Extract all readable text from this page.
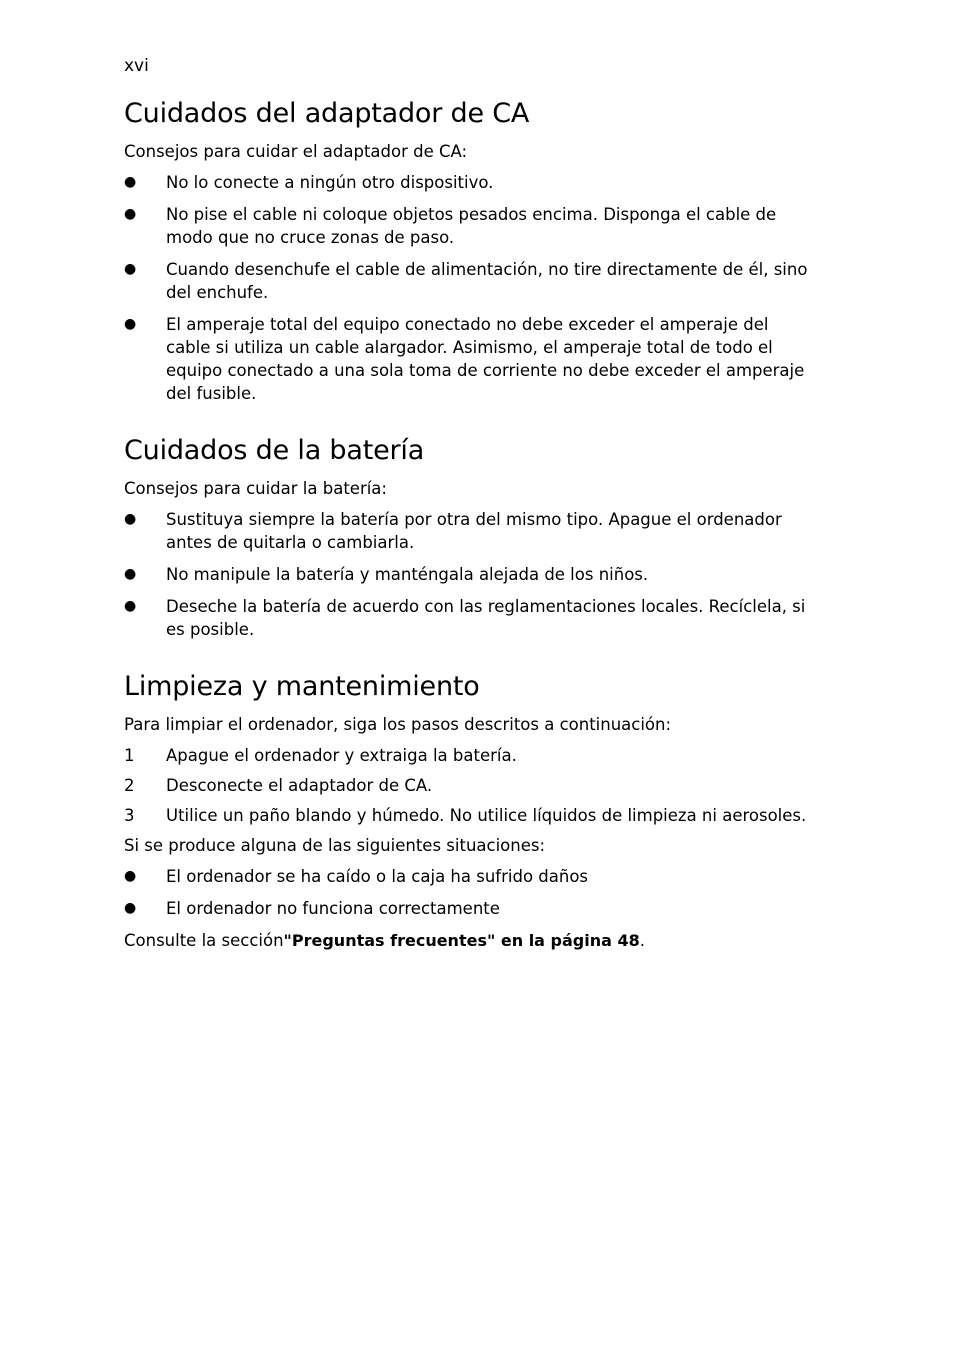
xvi
Cuidados del adaptador de CA

Consejos para cuidar el adaptador de CA:

●	No lo conecte a ningún otro dispositivo.
●	No pise el cable ni coloque objetos pesados encima. Disponga el cable de modo que no cruce zonas de paso.
●	Cuando desenchufe el cable de alimentación, no tire directamente de él, sino del enchufe.
●	El amperaje total del equipo conectado no debe exceder el amperaje del cable si utiliza un cable alargador. Asimismo, el amperaje total de todo el equipo conectado a una sola toma de corriente no debe exceder el amperaje del fusible.
Cuidados de la batería

Consejos para cuidar la batería:

●	Sustituya siempre la batería por otra del mismo tipo. Apague el ordenador antes de quitarla o cambiarla.
●	No manipule la batería y manténgala alejada de los niños.
●	Deseche la batería de acuerdo con las reglamentaciones locales. Recíclela, si es posible.
Limpieza y mantenimiento

Para limpiar el ordenador, siga los pasos descritos a continuación:

1	Apague el ordenador y extraiga la batería.
2	Desconecte el adaptador de CA.
3	Utilice un paño blando y húmedo. No utilice líquidos de limpieza ni aerosoles.

Si se produce alguna de las siguientes situaciones:

●	El ordenador se ha caído o la caja ha sufrido daños
●	El ordenador no funciona correctamente

Consulte la sección"Preguntas frecuentes" en la página 48.
